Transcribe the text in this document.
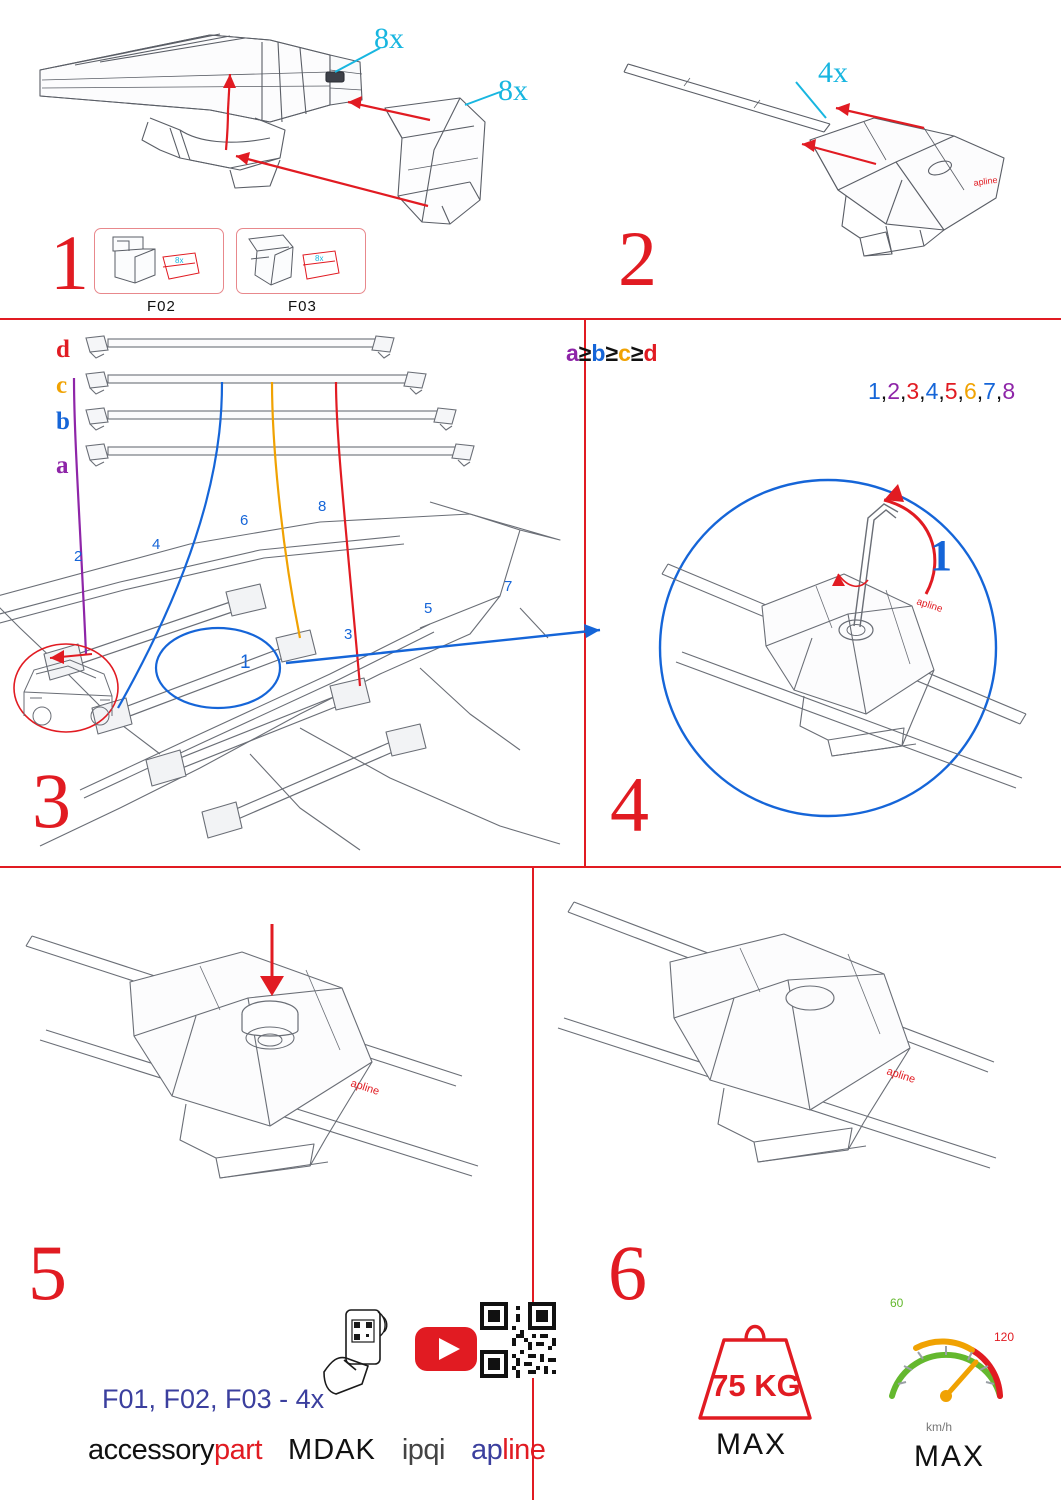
8x
8x
8x
F02
8x
F03
1
apline
4x
2
d
c
b
a
a≥b≥c≥d
1
2
3
4
5
6
7
8
3
apline
1
1,2,3,4,5,6,7,8
4
apline
5
apline
6
F01, F02, F03 - 4x
accessorypart MDAK ipqi apline
75 KG
MAX
60
120
km/h
MAX
